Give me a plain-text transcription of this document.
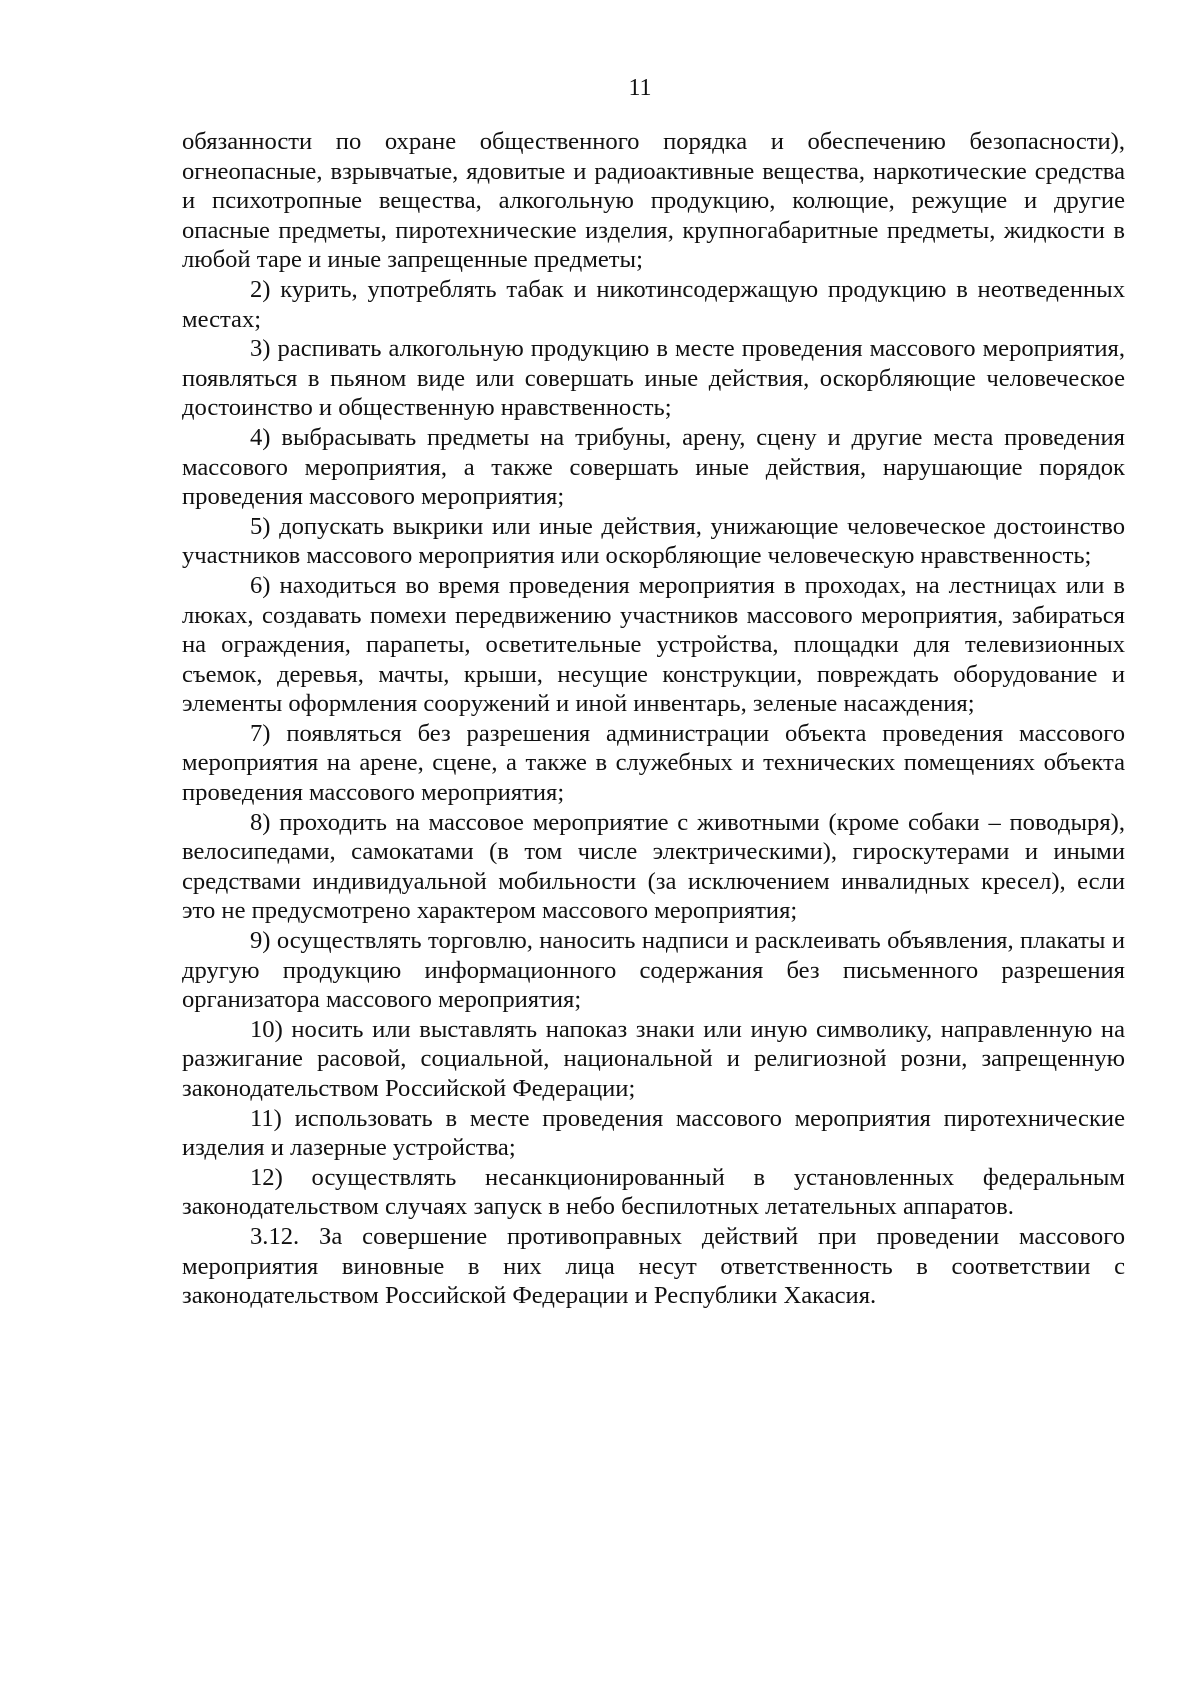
11

обязанности по охране общественного порядка и обеспечению безопасности), огнеопасные, взрывчатые, ядовитые и радиоактивные вещества, наркотические средства и психотропные вещества, алкогольную продукцию, колющие, режущие и другие опасные предметы, пиротехнические изделия, крупногабаритные предметы, жидкости в любой таре и иные запрещенные предметы;

2) курить, употреблять табак и никотинсодержащую продукцию в неотведенных местах;

3) распивать алкогольную продукцию в месте проведения массового мероприятия, появляться в пьяном виде или совершать иные действия, оскорбляющие человеческое достоинство и общественную нравственность;

4) выбрасывать предметы на трибуны, арену, сцену и другие места проведения массового мероприятия, а также совершать иные действия, нарушающие порядок проведения массового мероприятия;

5) допускать выкрики или иные действия, унижающие человеческое достоинство участников массового мероприятия или оскорбляющие человеческую нравственность;

6) находиться во время проведения мероприятия в проходах, на лестницах или в люках, создавать помехи передвижению участников массового мероприятия, забираться на ограждения, парапеты, осветительные устройства, площадки для телевизионных съемок, деревья, мачты, крыши, несущие конструкции, повреждать оборудование и элементы оформления сооружений и иной инвентарь, зеленые насаждения;

7) появляться без разрешения администрации объекта проведения массового мероприятия на арене, сцене, а также в служебных и технических помещениях объекта проведения массового мероприятия;

8) проходить на массовое мероприятие с животными (кроме собаки – поводыря), велосипедами, самокатами (в том числе электрическими), гироскутерами и иными средствами индивидуальной мобильности (за исключением инвалидных кресел), если это не предусмотрено характером массового мероприятия;

9) осуществлять торговлю, наносить надписи и расклеивать объявления, плакаты и другую продукцию информационного содержания без письменного разрешения организатора массового мероприятия;

10) носить или выставлять напоказ знаки или иную символику, направленную на разжигание расовой, социальной, национальной и религиозной розни, запрещенную законодательством Российской Федерации;

11) использовать в месте проведения массового мероприятия пиротехнические изделия и лазерные устройства;

12) осуществлять несанкционированный в установленных федеральным законодательством случаях запуск в небо беспилотных летательных аппаратов.

3.12. За совершение противоправных действий при проведении массового мероприятия виновные в них лица несут ответственность в соответствии с законодательством Российской Федерации и Республики Хакасия.
